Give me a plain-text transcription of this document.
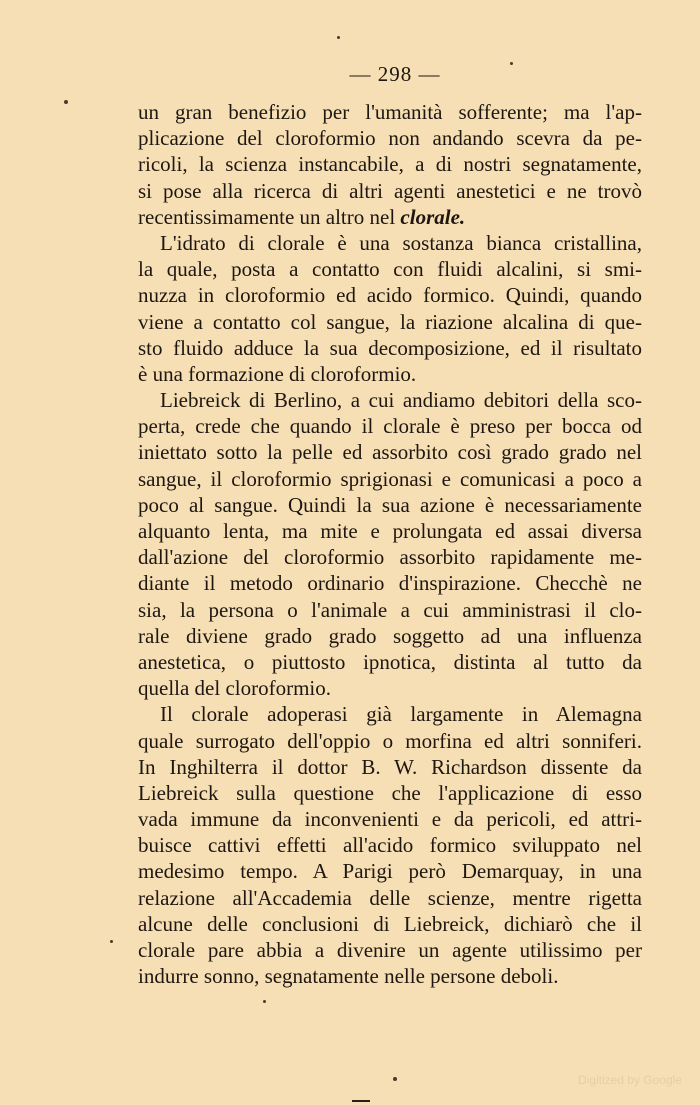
— 298 —
un gran benefizio per l'umanità sofferente; ma l'ap-
plicazione del cloroformio non andando scevra da pe-
ricoli, la scienza instancabile, a di nostri segnatamente,
si pose alla ricerca di altri agenti anestetici e ne trovò
recentissimamente un altro nel clorale.
L'idrato di clorale è una sostanza bianca cristallina,
la quale, posta a contatto con fluidi alcalini, si smi-
nuzza in cloroformio ed acido formico. Quindi, quando
viene a contatto col sangue, la riazione alcalina di que-
sto fluido adduce la sua decomposizione, ed il risultato
è una formazione di cloroformio.
Liebreick di Berlino, a cui andiamo debitori della sco-
perta, crede che quando il clorale è preso per bocca od
iniettato sotto la pelle ed assorbito così grado grado nel
sangue, il cloroformio sprigionasi e comunicasi a poco a
poco al sangue. Quindi la sua azione è necessariamente
alquanto lenta, ma mite e prolungata ed assai diversa
dall'azione del cloroformio assorbito rapidamente me-
diante il metodo ordinario d'inspirazione. Checchè ne
sia, la persona o l'animale a cui amministrasi il clo-
rale diviene grado grado soggetto ad una influenza
anestetica, o piuttosto ipnotica, distinta al tutto da
quella del cloroformio.
Il clorale adoperasi già largamente in Alemagna
quale surrogato dell'oppio o morfina ed altri sonniferi.
In Inghilterra il dottor B. W. Richardson dissente da
Liebreick sulla questione che l'applicazione di esso
vada immune da inconvenienti e da pericoli, ed attri-
buisce cattivi effetti all'acido formico sviluppato nel
medesimo tempo. A Parigi però Demarquay, in una
relazione all'Accademia delle scienze, mentre rigetta
alcune delle conclusioni di Liebreick, dichiarò che il
clorale pare abbia a divenire un agente utilissimo per
indurre sonno, segnatamente nelle persone deboli.
Digitized by Google
